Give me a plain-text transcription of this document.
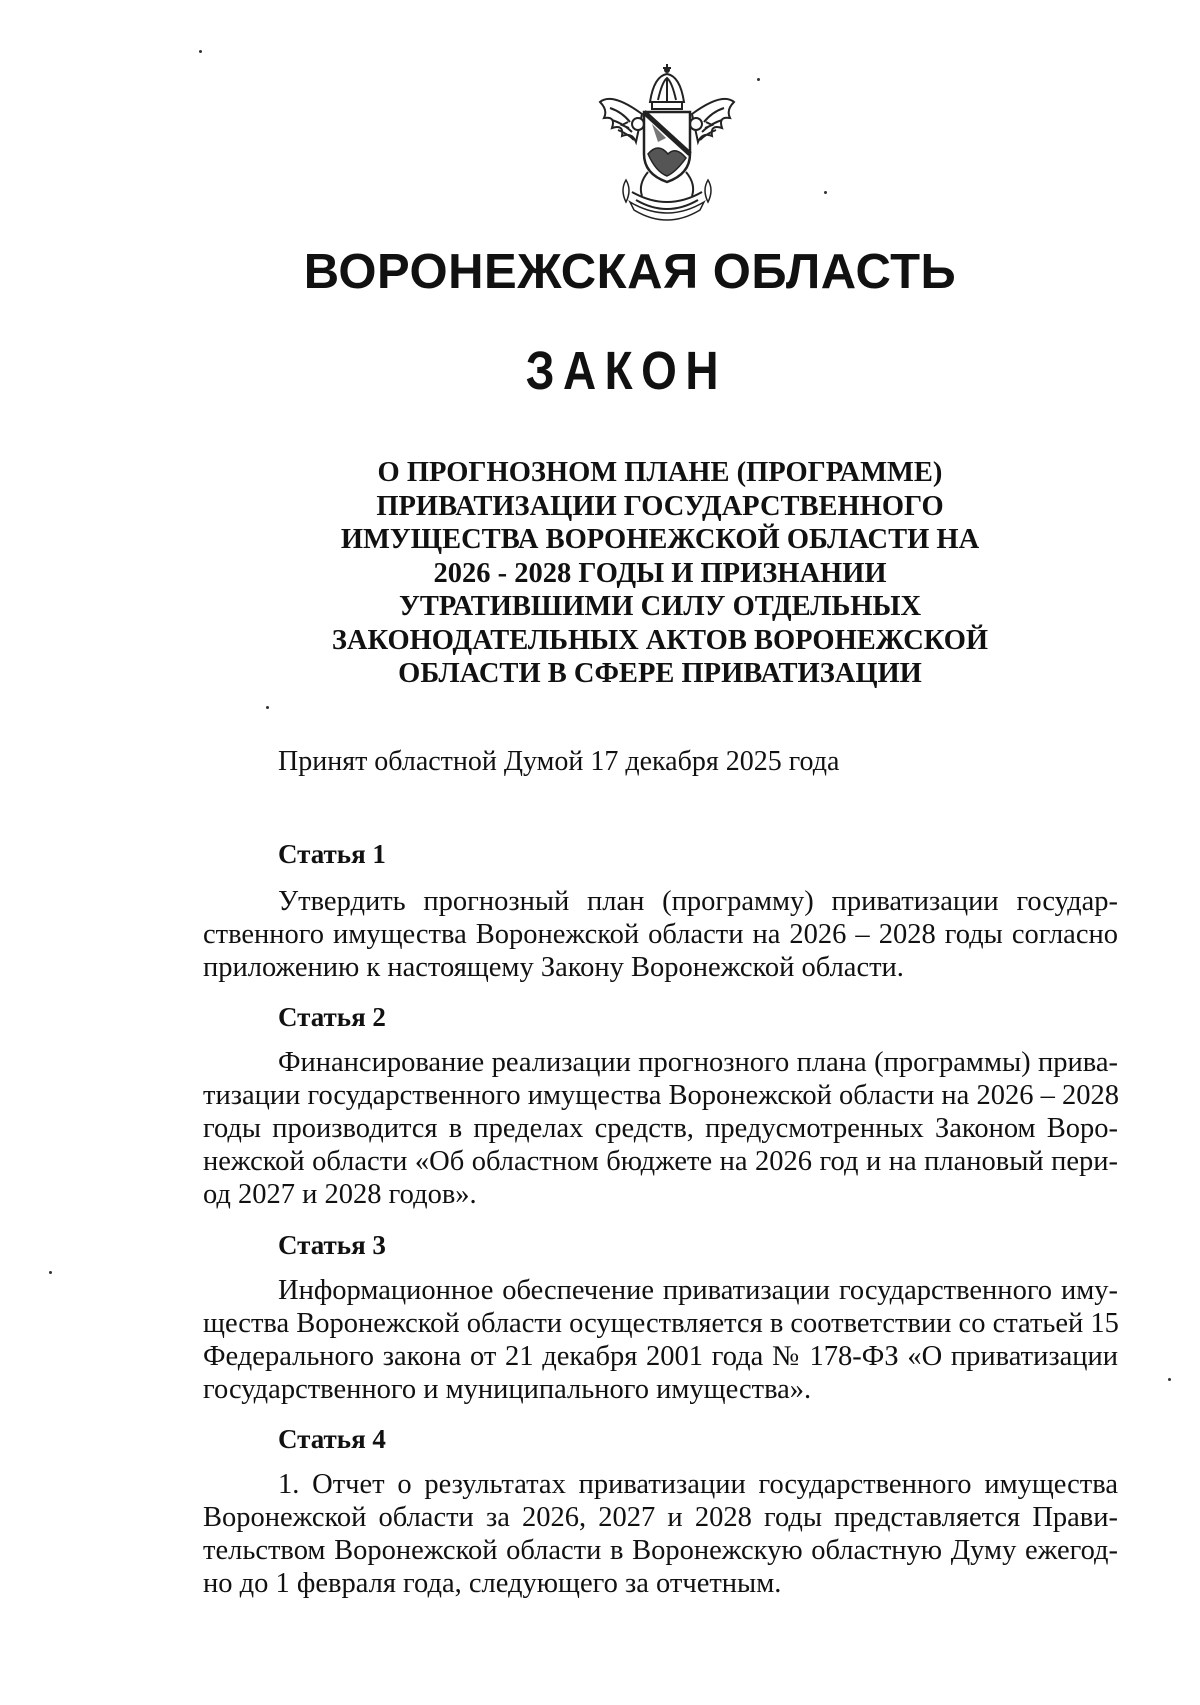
ВОРОНЕЖСКАЯ ОБЛАСТЬ
ЗАКОН
О ПРОГНОЗНОМ ПЛАНЕ (ПРОГРАММЕ)
ПРИВАТИЗАЦИИ ГОСУДАРСТВЕННОГО
ИМУЩЕСТВА ВОРОНЕЖСКОЙ ОБЛАСТИ НА
2026 - 2028 ГОДЫ И ПРИЗНАНИИ
УТРАТИВШИМИ СИЛУ ОТДЕЛЬНЫХ
ЗАКОНОДАТЕЛЬНЫХ АКТОВ ВОРОНЕЖСКОЙ
ОБЛАСТИ В СФЕРЕ ПРИВАТИЗАЦИИ

Принят областной Думой 17 декабря 2025 года

Статья 1

Утвердить прогнозный план (программу) приватизации государ-

ственного имущества Воронежской области на 2026 – 2028 годы согласно

приложению к настоящему Закону Воронежской области.

Статья 2

Финансирование реализации прогнозного плана (программы) прива-

тизации государственного имущества Воронежской области на 2026 – 2028

годы производится в пределах средств, предусмотренных Законом Воро-

нежской области «Об областном бюджете на 2026 год и на плановый пери-

од 2027 и 2028 годов».

Статья 3

Информационное обеспечение приватизации государственного иму-

щества Воронежской области осуществляется в соответствии со статьей 15

Федерального закона от 21 декабря 2001 года № 178-ФЗ «О приватизации

государственного и муниципального имущества».

Статья 4

1. Отчет о результатах приватизации государственного имущества

Воронежской области за 2026, 2027 и 2028 годы представляется Прави-

тельством Воронежской области в Воронежскую областную Думу ежегод-

но до 1 февраля года, следующего за отчетным.
